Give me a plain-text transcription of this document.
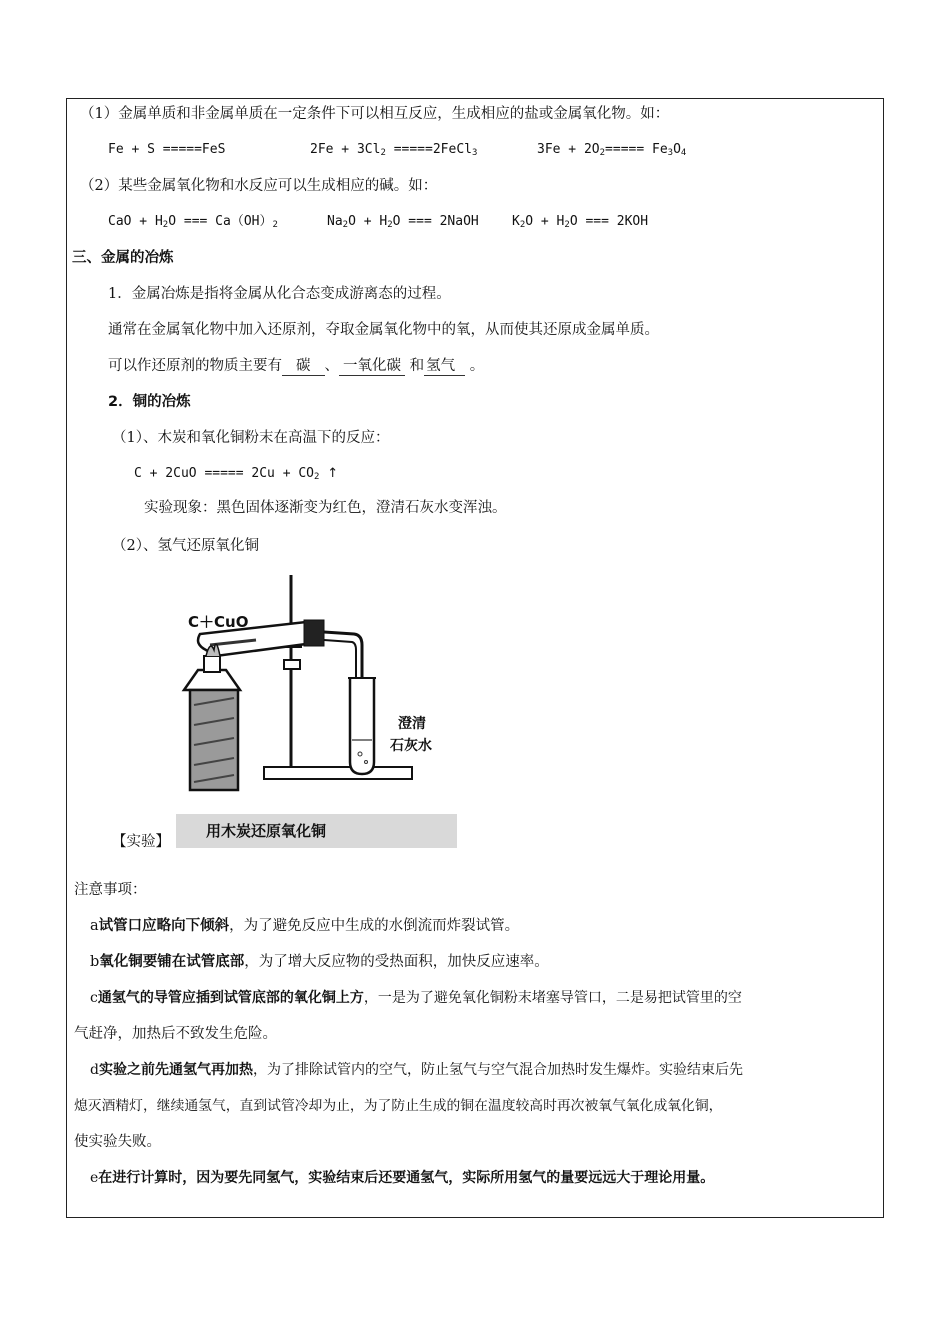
（1）金属单质和非金属单质在一定条件下可以相互反应，生成相应的盐或金属氧化物。如：
Fe + S =====FeS	$2Fe + 3Cl_2$ =====2FeCl$_3$	$3Fe + 2O_2===== Fe_3O_4$
（2）某些金属氧化物和水反应可以生成相应的碱。如：
CaO + $H_2O$ === $Ca(OH)_2$	$Na_2O + H_2O$ === 2NaOH	$K_2O + H_2O$ === 2KOH
三、金属的冶炼
1．金属冶炼是指将金属从化合态变成游离态的过程。
通常在金属氧化物中加入还原剂，夺取金属氧化物中的氧，从而使其还原成金属单质。
可以作还原剂的物质主要有 碳 、 一氧化碳 和 氢气 。
2．铜的冶炼
（1）、木炭和氧化铜粉末在高温下的反应：
C + 2CuO ===== $2Cu + CO_2$ ↑
实验现象：黑色固体逐渐变为红色，澄清石灰水变浑浊。
（2）、氢气还原氧化铜
C＋CuO
澄清
石灰水
用木炭还原氧化铜
【实验】
注意事项：
a试管口应略向下倾斜，为了避免反应中生成的水倒流而炸裂试管。
b氧化铜要铺在试管底部，为了增大反应物的受热面积，加快反应速率。
c通氢气的导管应插到试管底部的氧化铜上方，一是为了避免氧化铜粉末堵塞导管口，二是易把试管里的空
气赶净，加热后不致发生危险。
d实验之前先通氢气再加热，为了排除试管内的空气，防止氢气与空气混合加热时发生爆炸。实验结束后先
熄灭酒精灯，继续通氢气，直到试管冷却为止，为了防止生成的铜在温度较高时再次被氧气氧化成氧化铜，
使实验失败。
e在进行计算时，因为要先同氢气，实验结束后还要通氢气，实际所用氢气的量要远远大于理论用量。
